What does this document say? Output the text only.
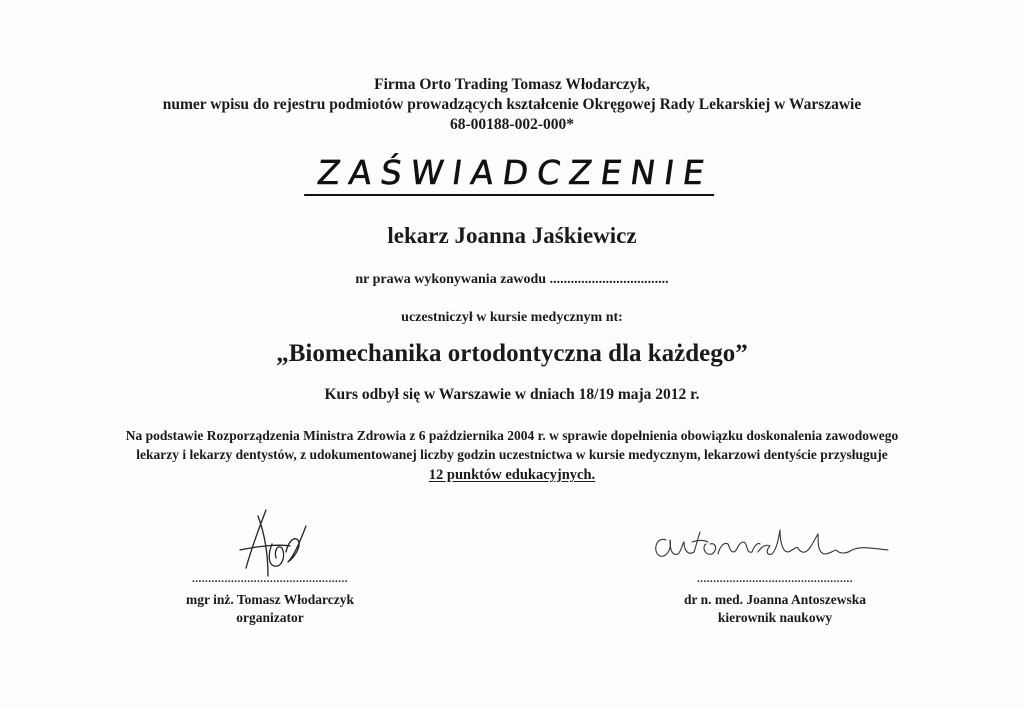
Firma Orto Trading Tomasz Włodarczyk,
numer wpisu do rejestru podmiotów prowadzących kształcenie Okręgowej Rady Lekarskiej w Warszawie
68-00188-002-000*
ZAŚWIADCZENIE
lekarz Joanna Jaśkiewicz
nr prawa wykonywania zawodu ..................................
uczestniczył w kursie medycznym nt:
„Biomechanika ortodontyczna dla każdego”
Kurs odbył się w Warszawie w dniach 18/19 maja 2012 r.
Na podstawie Rozporządzenia Ministra Zdrowia z 6 października 2004 r. w sprawie dopełnienia obowiązku doskonalenia zawodowego
lekarzy i lekarzy dentystów, z udokumentowanej liczby godzin uczestnictwa w kursie medycznym, lekarzowi dentyście przysługuje
12 punktów edukacyjnych.
................................................
mgr inż. Tomasz Włodarczyk
organizator
................................................
dr n. med. Joanna Antoszewska
kierownik naukowy
